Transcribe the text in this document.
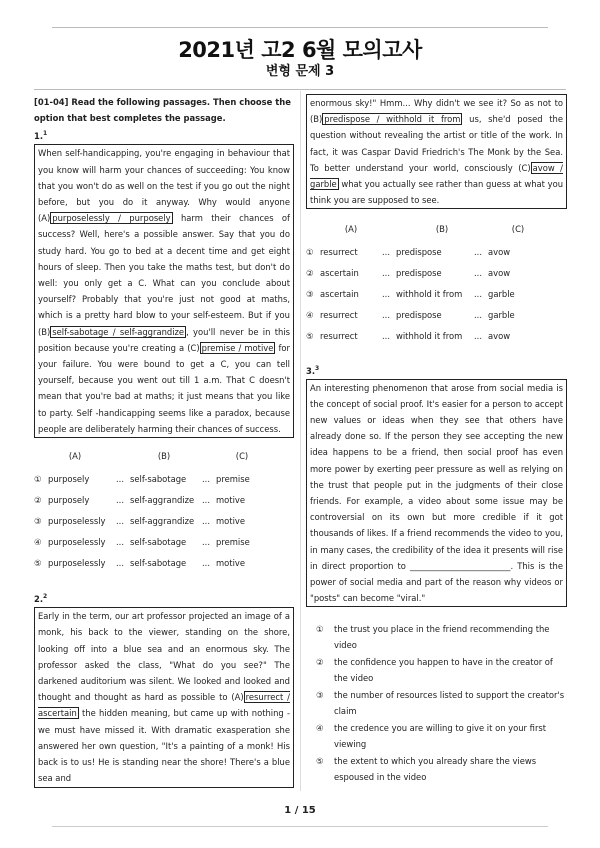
2021년 고2 6월 모의고사
변형 문제 3

[01-04] Read the following passages. Then choose the option that best completes the passage.

1.$^1$

When self-handicapping, you're engaging in behaviour that you know will harm your chances of succeeding: You know that you won't do as well on the test if you go out the night before, but you do it anyway. Why would anyone (A) purposelessly / purposely harm their chances of success? Well, here's a possible answer. Say that you do study hard. You go to bed at a decent time and get eight hours of sleep. Then you take the maths test, but don't do well: you only get a C. What can you conclude about yourself? Probably that you're just not good at maths, which is a pretty hard blow to your self-esteem. But if you (B) self-sabotage / self-aggrandize , you'll never be in this position because you're creating a (C) premise / motive for your failure. You were bound to get a C, you can tell yourself, because you went out till 1 a.m. That C doesn't mean that you're bad at maths; it just means that you like to party. Self -handicapping seems like a paradox, because people are deliberately harming their chances of success.

(A)	(B)	(C)
① purposely	... self-sabotage	... premise
② purposely	... self-aggrandize ... motive
③ purposelessly	... self-aggrandize ... motive
④ purposelessly	... self-sabotage	... premise
⑤ purposelessly	... self-sabotage	... motive

2.$^2$

Early in the term, our art professor projected an image of a monk, his back to the viewer, standing on the shore, looking off into a blue sea and an enormous sky. The professor asked the class, "What do you see?" The darkened auditorium was silent. We looked and looked and thought and thought as hard as possible to (A) resurrect / ascertain the hidden meaning, but came up with nothing - we must have missed it. With dramatic exasperation she answered her own question, "It's a painting of a monk! His back is to us! He is standing near the shore! There's a blue sea and

enormous sky!" Hmm... Why didn't we see it? So as not to (B) predispose / withhold it from us, she'd posed the question without revealing the artist or title of the work. In fact, it was Caspar David Friedrich's The Monk by the Sea. To better understand your world, consciously (C) avow / garble what you actually see rather than guess at what you think you are supposed to see.

(A)	(B)	(C)
① resurrect	... predispose	... avow
② ascertain	... predispose	... avow
③ ascertain	... withhold it from	... garble
④ resurrect	... predispose	... garble
⑤ resurrect	... withhold it from	... avow

3.$^3$

An interesting phenomenon that arose from social media is the concept of social proof. It's easier for a person to accept new values or ideas when they see that others have already done so. If the person they see accepting the new idea happens to be a friend, then social proof has even more power by exerting peer pressure as well as relying on the trust that people put in the judgments of their close friends. For example, a video about some issue may be controversial on its own but more credible if it got thousands of likes. If a friend recommends the video to you, in many cases, the credibility of the idea it presents will rise in direct proportion to ________________________. This is the power of social media and part of the reason why videos or "posts" can become "viral."

①	the trust you place in the friend recommending the video
②	the confidence you happen to have in the creator of the video
③	the number of resources listed to support the creator's claim
④	the credence you are willing to give it on your first viewing
⑤	the extent to which you already share the views espoused in the video
1 / 15
